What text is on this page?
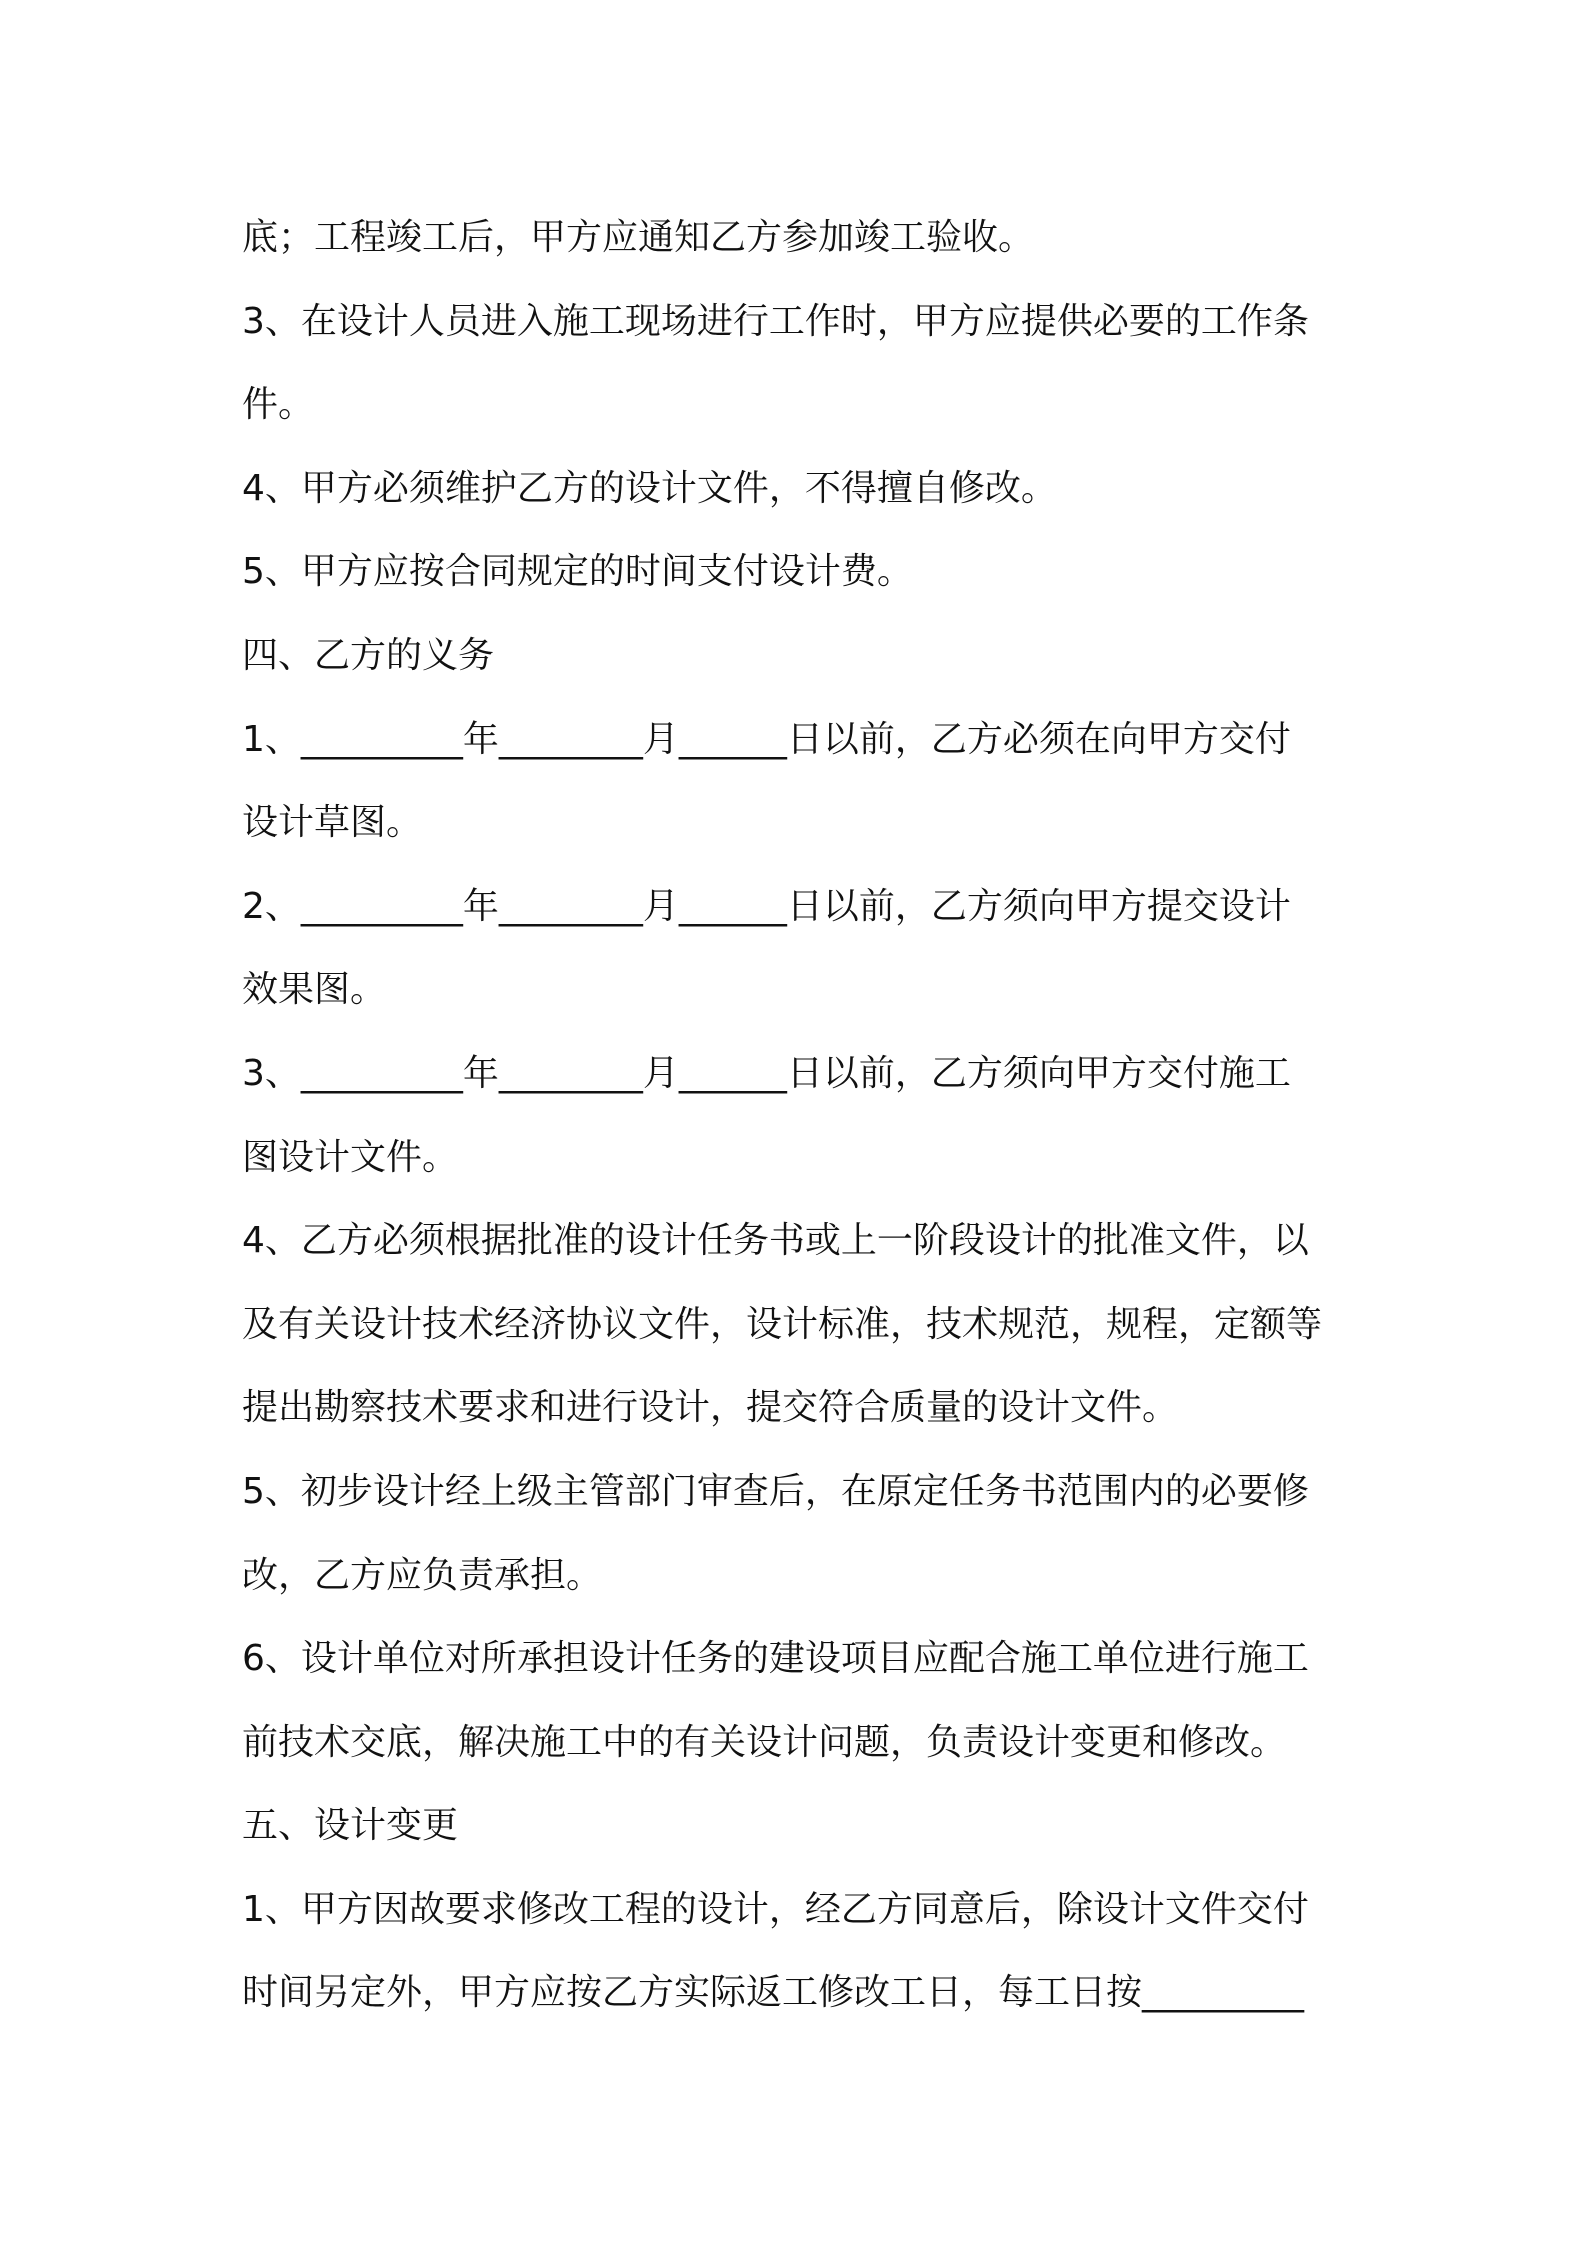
底；工程竣工后，甲方应通知乙方参加竣工验收。
3、在设计人员进入施工现场进行工作时，甲方应提供必要的工作条
件。
4、甲方必须维护乙方的设计文件，不得擅自修改。
5、甲方应按合同规定的时间支付设计费。
四、乙方的义务
1、_________年________月______日以前，乙方必须在向甲方交付
设计草图。
2、_________年________月______日以前，乙方须向甲方提交设计
效果图。
3、_________年________月______日以前，乙方须向甲方交付施工
图设计文件。
4、乙方必须根据批准的设计任务书或上一阶段设计的批准文件，以
及有关设计技术经济协议文件，设计标准，技术规范，规程，定额等
提出勘察技术要求和进行设计，提交符合质量的设计文件。
5、初步设计经上级主管部门审查后，在原定任务书范围内的必要修
改，乙方应负责承担。
6、设计单位对所承担设计任务的建设项目应配合施工单位进行施工
前技术交底，解决施工中的有关设计问题，负责设计变更和修改。
五、设计变更
1、甲方因故要求修改工程的设计，经乙方同意后，除设计文件交付
时间另定外，甲方应按乙方实际返工修改工日，每工日按_________
